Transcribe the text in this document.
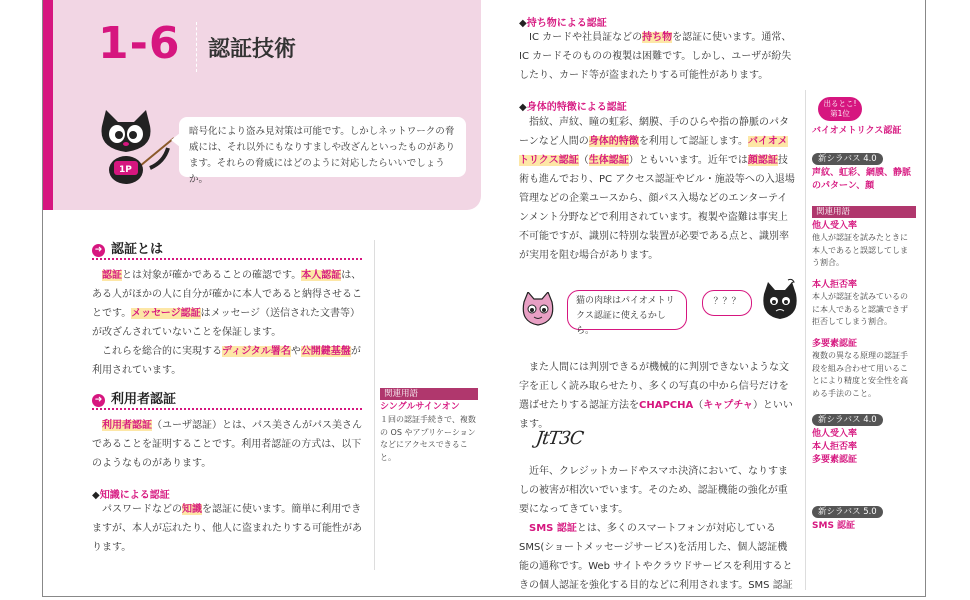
1-6 認証技術
1P
暗号化により盗み見対策は可能です。しかしネットワークの脅
威には、それ以外にもなりすましや改ざんといったものがあり
ます。それらの脅威にはどのように対応したらいいでしょうか。
➜ 認証とは

認証とは対象が確かであることの確認です。本人認証は、ある人がほかの人に自分が確かに本人であると納得させることです。メッセージ認証はメッセージ（送信された文書等）が改ざんされていないことを保証します。

これらを総合的に実現するディジタル署名や公開鍵基盤が利用されています。

➜ 利用者認証

利用者認証（ユーザ認証）とは、パス美さんがパス美さんであることを証明することです。利用者認証の方式は、以下のようなものがあります。

◆知識による認証

パスワードなどの知識を認証に使います。簡単に利用できますが、本人が忘れたり、他人に盗まれたりする可能性があります。

関連用語
シングルサインオン
１回の認証手続きで、複数
の OS やアプリケーション
などにアクセスできるこ
と。
◆持ち物による認証

IC カードや社員証などの持ち物を認証に使います。通常、IC カードそのものの複製は困難です。しかし、ユーザが紛失したり、カード等が盗まれたりする可能性があります。

◆身体的特徴による認証

指紋、声紋、瞳の虹彩、網膜、手のひらや指の静脈のパターンなど人間の身体的特徴を利用して認証します。バイオメトリクス認証（生体認証）ともいいます。近年では顔認証技術も進んでおり、PC アクセス認証やビル・施設等への入退場管理などの企業ユースから、顔パス入場などのエンターテインメント分野などで利用されています。複製や盗難は事実上不可能ですが、識別に特別な装置が必要である点と、識別率が実用を阻む場合があります。

猫の肉球はパイオメトリ
クス認証に使えるかしら。
？？？

また人間には判別できるが機械的に判別できないような文字を正しく読み取らせたり、多くの写真の中から信号だけを選ばせたりする認証方法をCHAPCHA（キャプチャ）といいます。

JtT3C

近年、クレジットカードやスマホ決済において、なりすましの被害が相次いでいます。そのため、認証機能の強化が重要になってきています。

SMS 認証とは、多くのスマートフォンが対応しているSMS(ショートメッセージサービス)を活用した、個人認証機能の通称です。Web サイトやクラウドサービスを利用するときの個人認証を強化する目的などに利用されます。SMS 認証

出るとこ!
第1位
バイオメトリクス認証
新シラバス 4.0
声紋、虹彩、網膜、静脈
のパターン、顔
関連用語
他人受入率
他人が認証を試みたときに
本人であると誤認してしま
う割合。
本人拒否率
本人が認証を試みているの
に本人であると認識できず
拒否してしまう割合。
多要素認証
複数の異なる原理の認証手
段を組み合わせて用いるこ
とにより精度と安全性を高
める手法のこと。
新シラバス 4.0
他人受入率
本人拒否率
多要素認証
新シラバス 5.0
SMS 認証
